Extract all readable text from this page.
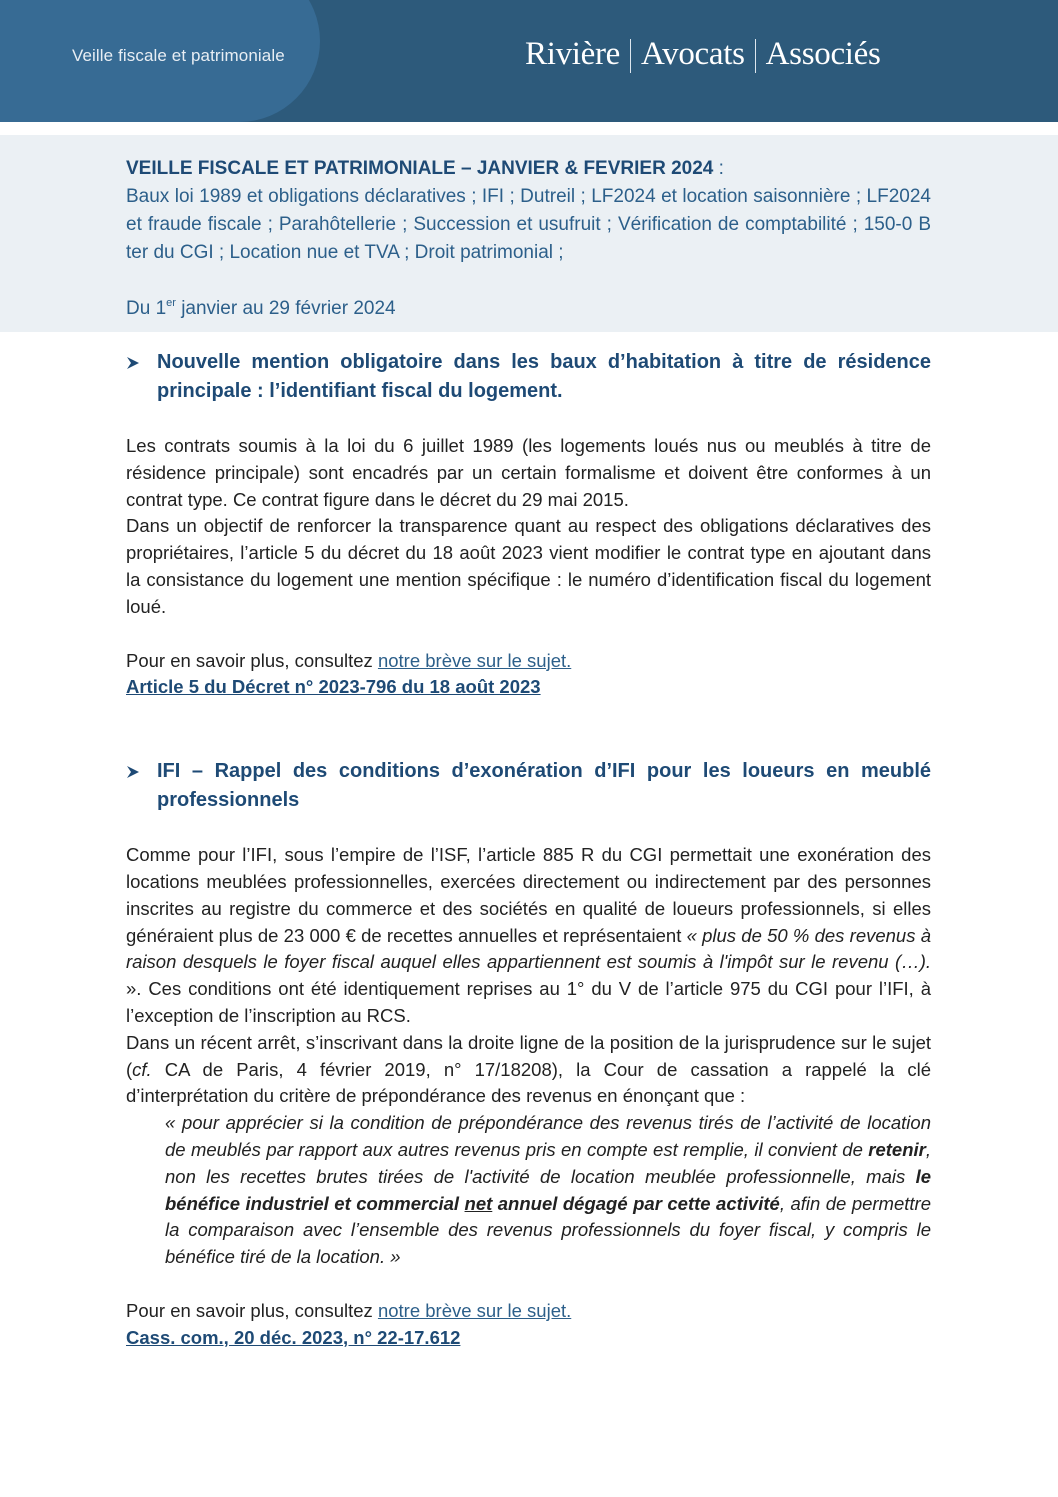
Veille fiscale et patrimoniale	Rivière Avocats Associés
VEILLE FISCALE ET PATRIMONIALE – JANVIER & FEVRIER 2024 :
Baux loi 1989 et obligations déclaratives ; IFI ; Dutreil ; LF2024 et location saisonnière ; LF2024 et fraude fiscale ; Parahôtellerie ; Succession et usufruit ; Vérification de comptabilité ; 150-0 B ter du CGI ; Location nue et TVA ; Droit patrimonial ;
Du 1er janvier au 29 février 2024
Nouvelle mention obligatoire dans les baux d’habitation à titre de résidence principale : l’identifiant fiscal du logement.

Les contrats soumis à la loi du 6 juillet 1989 (les logements loués nus ou meublés à titre de résidence principale) sont encadrés par un certain formalisme et doivent être conformes à un contrat type. Ce contrat figure dans le décret du 29 mai 2015.

Dans un objectif de renforcer la transparence quant au respect des obligations déclaratives des propriétaires, l’article 5 du décret du 18 août 2023 vient modifier le contrat type en ajoutant dans la consistance du logement une mention spécifique : le numéro d’identification fiscal du logement loué.

Pour en savoir plus, consultez notre brève sur le sujet.

Article 5 du Décret n° 2023-796 du 18 août 2023

IFI – Rappel des conditions d’exonération d’IFI pour les loueurs en meublé professionnels

Comme pour l’IFI, sous l’empire de l’ISF, l’article 885 R du CGI permettait une exonération des locations meublées professionnelles, exercées directement ou indirectement par des personnes inscrites au registre du commerce et des sociétés en qualité de loueurs professionnels, si elles généraient plus de 23 000 € de recettes annuelles et représentaient « plus de 50 % des revenus à raison desquels le foyer fiscal auquel elles appartiennent est soumis à l'impôt sur le revenu (…). ». Ces conditions ont été identiquement reprises au 1° du V de l’article 975 du CGI pour l’IFI, à l’exception de l’inscription au RCS.

Dans un récent arrêt, s’inscrivant dans la droite ligne de la position de la jurisprudence sur le sujet (cf. CA de Paris, 4 février 2019, n° 17/18208), la Cour de cassation a rappelé la clé d’interprétation du critère de prépondérance des revenus en énonçant que :

« pour apprécier si la condition de prépondérance des revenus tirés de l’activité de location de meublés par rapport aux autres revenus pris en compte est remplie, il convient de retenir, non les recettes brutes tirées de l'activité de location meublée professionnelle, mais le bénéfice industriel et commercial net annuel dégagé par cette activité, afin de permettre la comparaison avec l’ensemble des revenus professionnels du foyer fiscal, y compris le bénéfice tiré de la location. »

Pour en savoir plus, consultez notre brève sur le sujet.

Cass. com., 20 déc. 2023, n° 22-17.612
